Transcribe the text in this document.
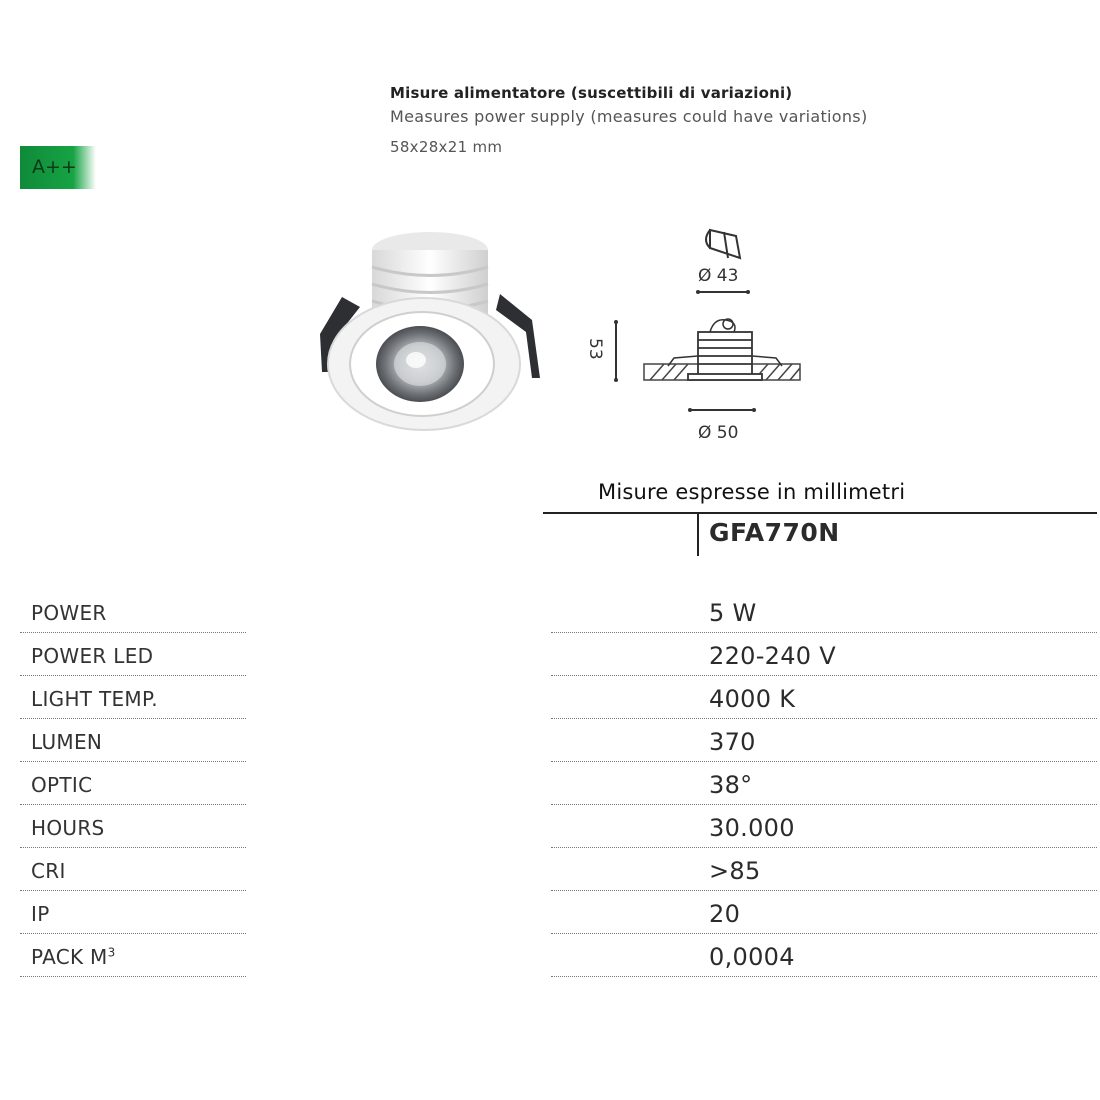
A++
Misure alimentatore (suscettibili di variazioni)
Measures power supply (measures could have variations)
58x28x21 mm
Ø 43
53
Ø 50
Misure espresse in millimetri
GFA770N
POWER	5 W
POWER LED	220-240 V
LIGHT TEMP.	4000 K
LUMEN	370
OPTIC	38°
HOURS	30.000
CRI	>85
IP	20
PACK $M^3$	0,0004
